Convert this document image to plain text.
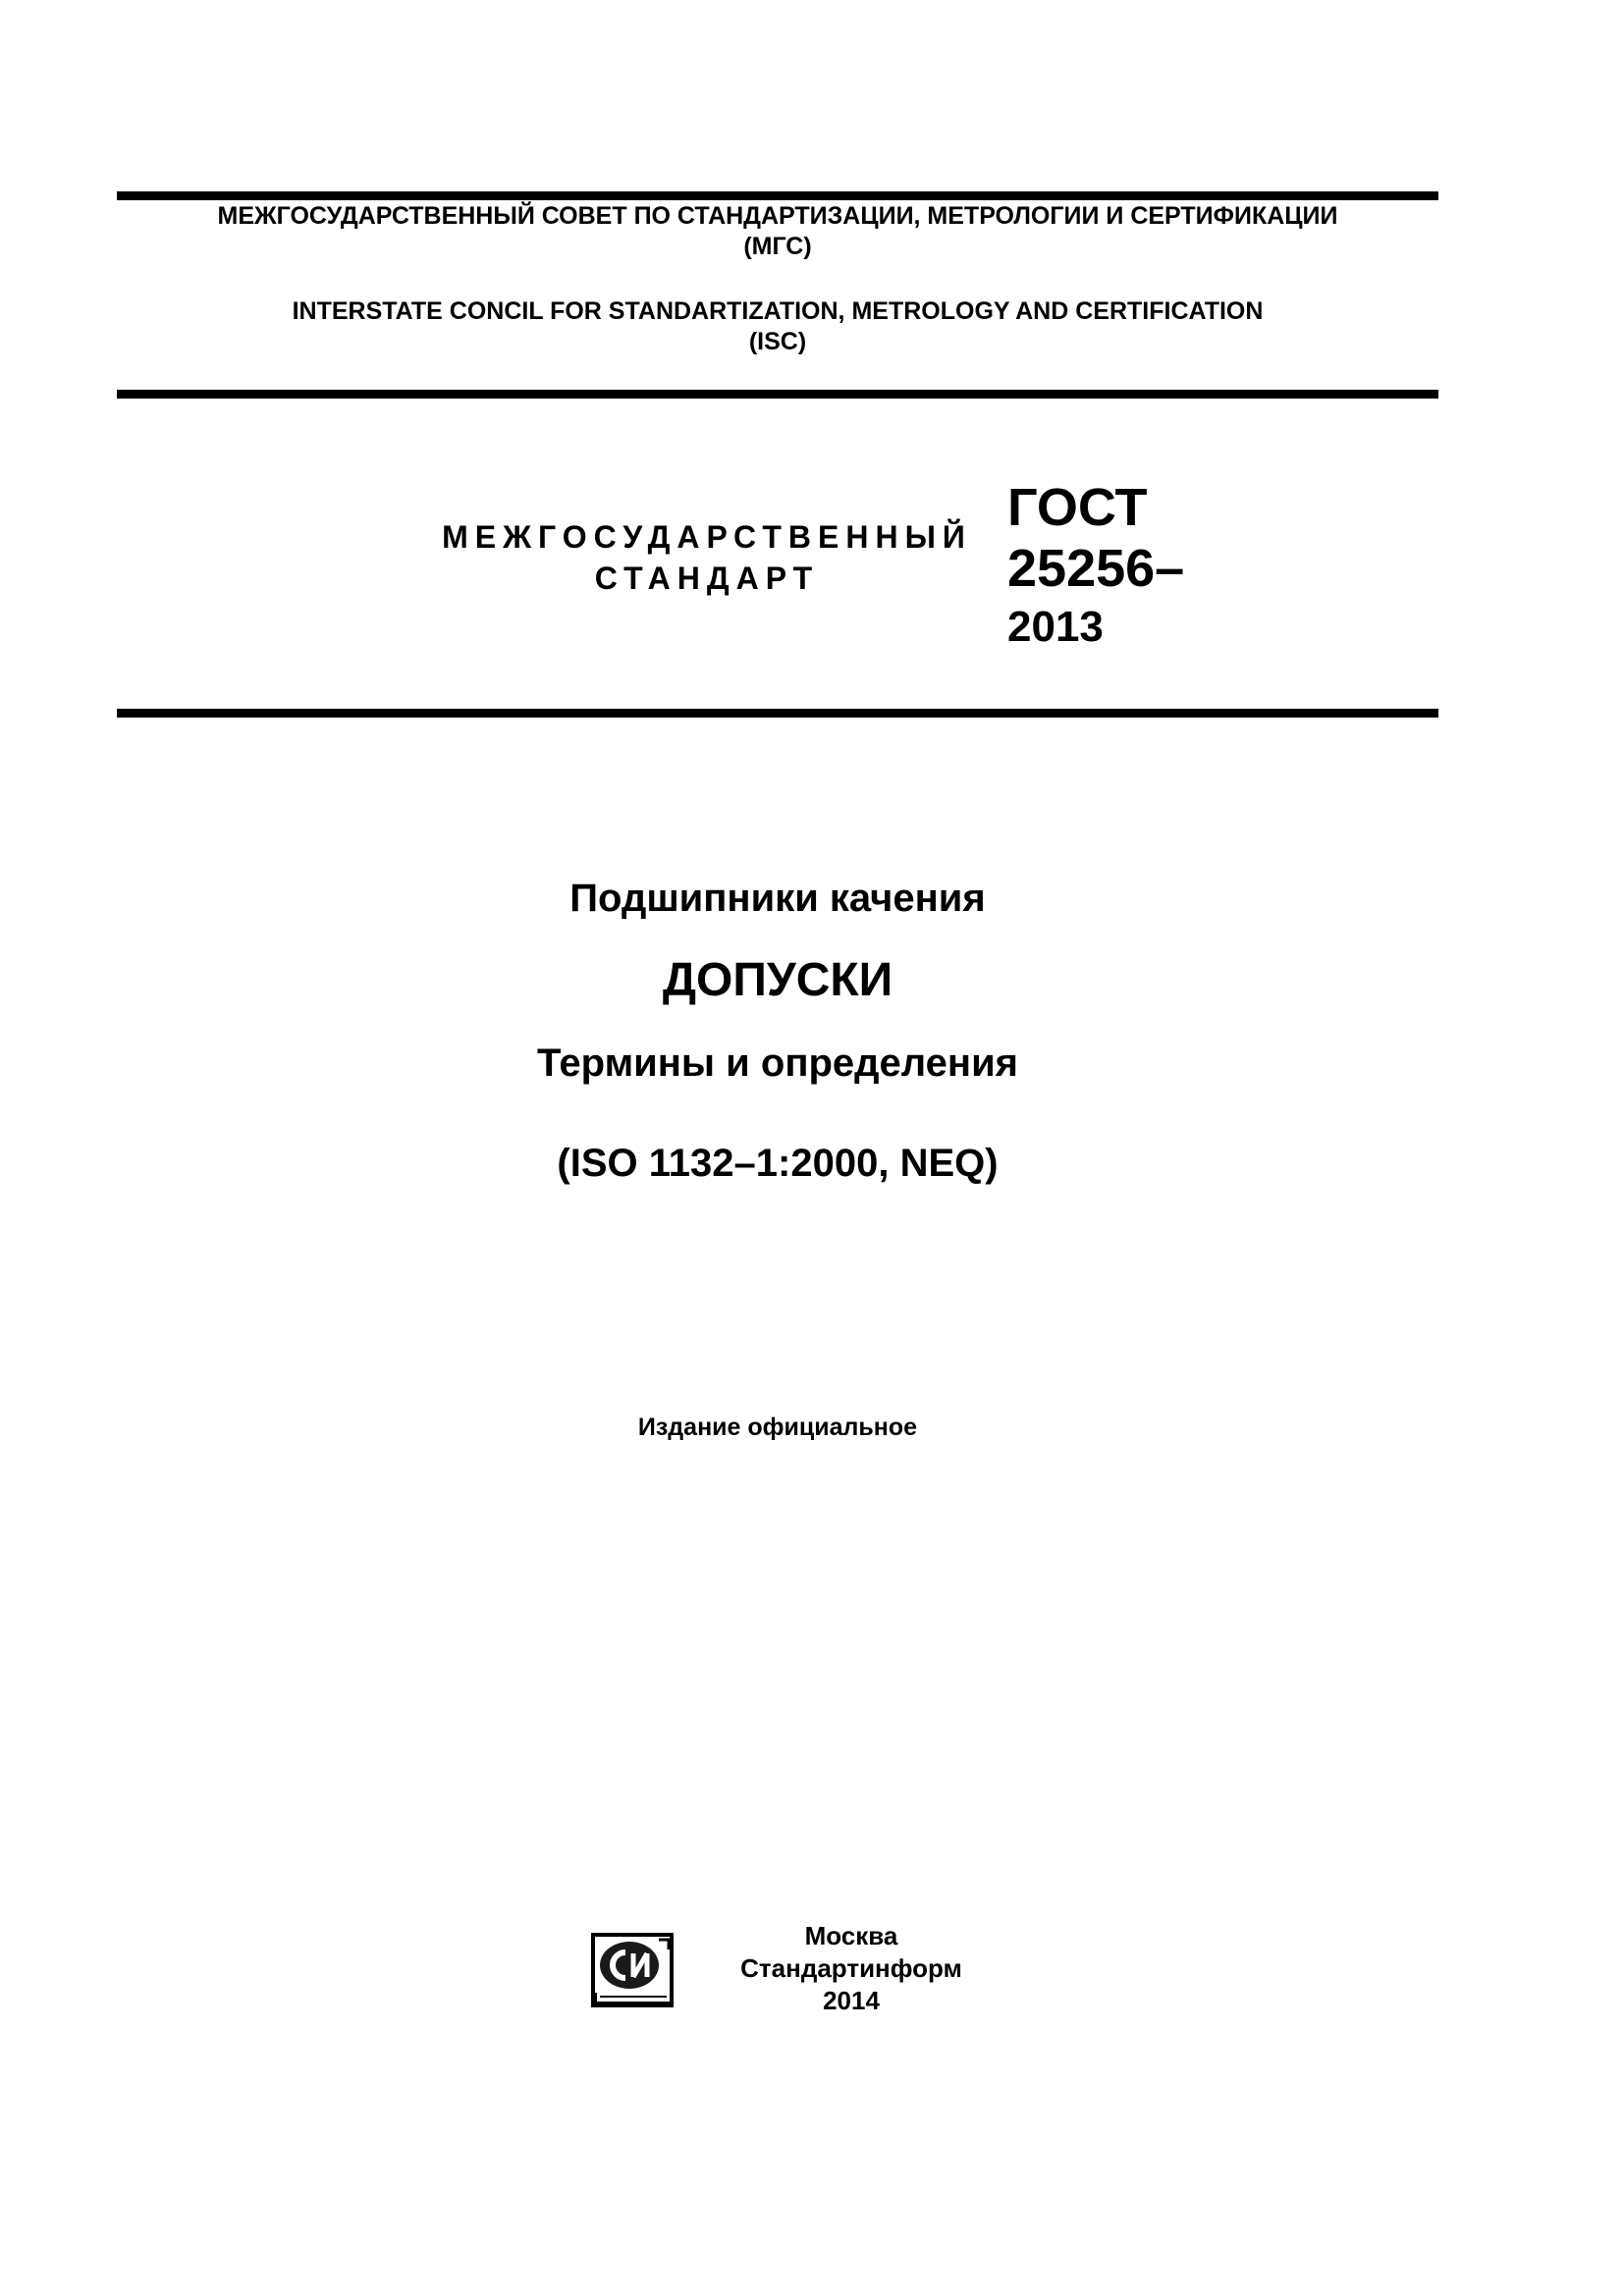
МЕЖГОСУДАРСТВЕННЫЙ СОВЕТ ПО СТАНДАРТИЗАЦИИ, МЕТРОЛОГИИ И СЕРТИФИКАЦИИ
(МГС)
INTERSTATE CONCIL FOR STANDARTIZATION, METROLOGY AND CERTIFICATION
(ISC)
МЕЖГОСУДАРСТВЕННЫЙ
СТАНДАРТ
ГОСТ
25256–
2013
Подшипники качения
ДОПУСКИ
Термины и определения
(ISO 1132–1:2000, NEQ)
Издание официальное
Москва
Стандартинформ
2014
